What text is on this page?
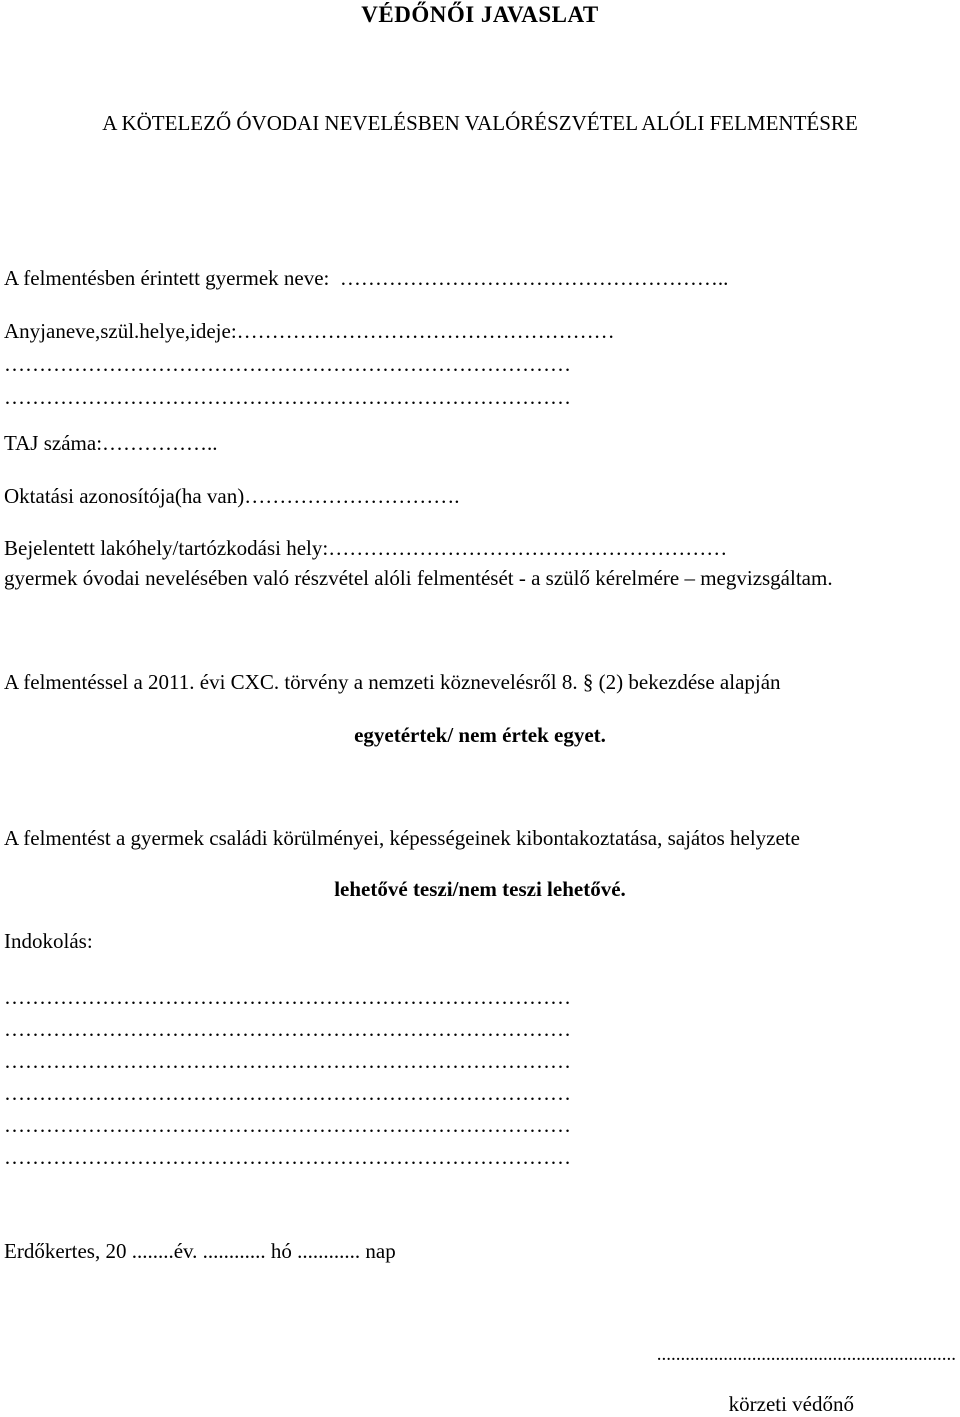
VÉDŐNŐI JAVASLAT

A KÖTELEZŐ ÓVODAI NEVELÉSBEN VALÓRÉSZVÉTEL ALÓLI FELMENTÉSRE

A felmentésben érintett gyermek neve:  ………………………………………………..

Anyjaneve,szül.helye,ideje:………………………………………………

………………………………………………………………………

………………………………………………………………………

TAJ száma:……………..

Oktatási azonosítója(ha van)………………………….

Bejelentett lakóhely/tartózkodási hely:…………………………………………………

gyermek óvodai nevelésében való részvétel alóli felmentését - a szülő kérelmére – megvizsgáltam.

A felmentéssel a 2011. évi CXC. törvény a nemzeti köznevelésről 8. § (2) bekezdése alapján

egyetértek/ nem értek egyet.

A felmentést a gyermek családi körülményei, képességeinek kibontakoztatása, sajátos helyzete

lehetővé teszi/nem teszi lehetővé.

Indokolás:

………………………………………………………………………

………………………………………………………………………

………………………………………………………………………

………………………………………………………………………

………………………………………………………………………

………………………………………………………………………

Erdőkertes, 20 ........év. ............ hó ............ nap

...............................................................

körzeti védőnő
